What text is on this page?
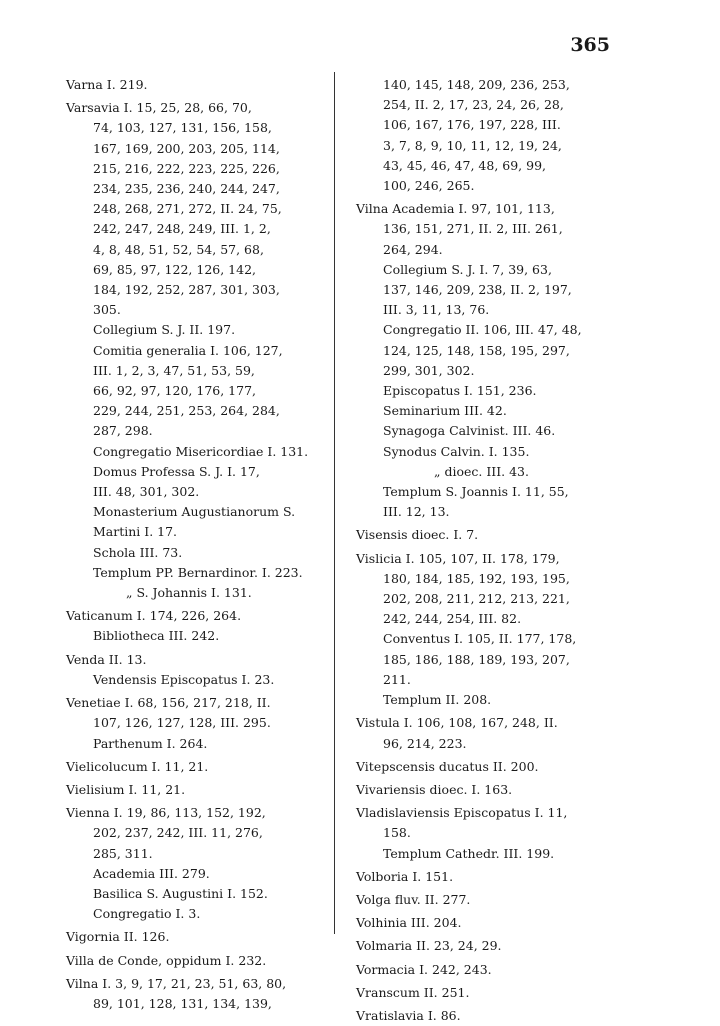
365
Varna I. 219.
Varsavia I. 15, 25, 28, 66, 70,
74, 103, 127, 131, 156, 158,
167, 169, 200, 203, 205, 114,
215, 216, 222, 223, 225, 226,
234, 235, 236, 240, 244, 247,
248, 268, 271, 272, II. 24, 75,
242, 247, 248, 249, III. 1, 2,
4, 8, 48, 51, 52, 54, 57, 68,
69, 85, 97, 122, 126, 142,
184, 192, 252, 287, 301, 303,
305.
Collegium S. J. II. 197.
Comitia generalia I. 106, 127,
III. 1, 2, 3, 47, 51, 53, 59,
66, 92, 97, 120, 176, 177,
229, 244, 251, 253, 264, 284,
287, 298.
Congregatio Misericordiae I. 131.
Domus Professa S. J. I. 17,
III. 48, 301, 302.
Monasterium Augustianorum S.
Martini I. 17.
Schola III. 73.
Templum PP. Bernardinor. I. 223.
„ S. Johannis I. 131.
Vaticanum I. 174, 226, 264.
Bibliotheca III. 242.
Venda II. 13.
Vendensis Episcopatus I. 23.
Venetiae I. 68, 156, 217, 218, II.
107, 126, 127, 128, III. 295.
Parthenum I. 264.
Vielicolucum I. 11, 21.
Vielisium I. 11, 21.
Vienna I. 19, 86, 113, 152, 192,
202, 237, 242, III. 11, 276,
285, 311.
Academia III. 279.
Basilica S. Augustini I. 152.
Congregatio I. 3.
Vigornia II. 126.
Villa de Conde, oppidum I. 232.
Vilna I. 3, 9, 17, 21, 23, 51, 63, 80,
89, 101, 128, 131, 134, 139,
140, 145, 148, 209, 236, 253,
254, II. 2, 17, 23, 24, 26, 28,
106, 167, 176, 197, 228, III.
3, 7, 8, 9, 10, 11, 12, 19, 24,
43, 45, 46, 47, 48, 69, 99,
100, 246, 265.
Vilna Academia I. 97, 101, 113,
136, 151, 271, II. 2, III. 261,
264, 294.
Collegium S. J. I. 7, 39, 63,
137, 146, 209, 238, II. 2, 197,
III. 3, 11, 13, 76.
Congregatio II. 106, III. 47, 48,
124, 125, 148, 158, 195, 297,
299, 301, 302.
Episcopatus I. 151, 236.
Seminarium III. 42.
Synagoga Calvinist. III. 46.
Synodus Calvin. I. 135.
„ dioec. III. 43.
Templum S. Joannis I. 11, 55,
III. 12, 13.
Visensis dioec. I. 7.
Vislicia I. 105, 107, II. 178, 179,
180, 184, 185, 192, 193, 195,
202, 208, 211, 212, 213, 221,
242, 244, 254, III. 82.
Conventus I. 105, II. 177, 178,
185, 186, 188, 189, 193, 207,
211.
Templum II. 208.
Vistula I. 106, 108, 167, 248, II.
96, 214, 223.
Vitepscensis ducatus II. 200.
Vivariensis dioec. I. 163.
Vladislaviensis Episcopatus I. 11,
158.
Templum Cathedr. III. 199.
Volboria I. 151.
Volga fluv. II. 277.
Volhinia III. 204.
Volmaria II. 23, 24, 29.
Vormacia I. 242, 243.
Vranscum II. 251.
Vratislavia I. 86.
